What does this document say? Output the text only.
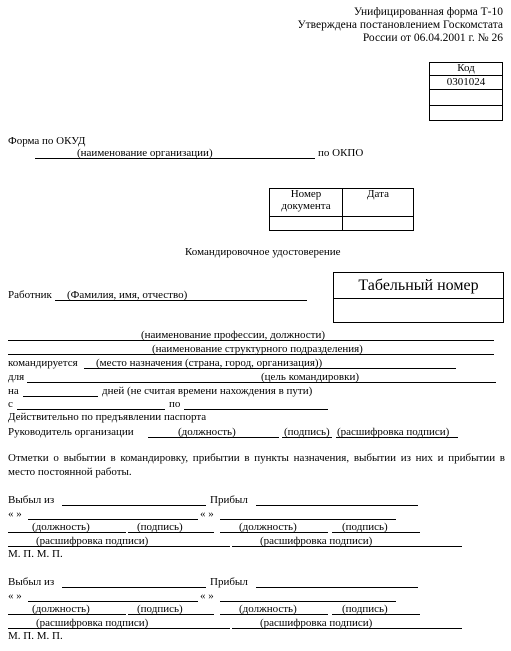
Унифицированная форма Т-10
Утверждена постановлением Госкомстата
России от 06.04.2001 г. № 26
Код
0301024

Форма по ОКУД
(наименование организации)	по ОКПО
Номер документа	Дата

Командировочное удостоверение
Табельный номер
Работник (Фамилия, имя, отчество)
(наименование профессии, должности)
(наименование структурного подразделения)
командируется (место назначения (страна, город, организация))
для	(цель командировки)
на	дней (не считая времени нахождения в пути)
с	по
Действительно по предъявлении паспорта
Руководитель организации	(должность)	(подпись) (расшифровка подписи)
Отметки о выбытии в командировку, прибытии в пункты назначения, выбытии из них и прибытии в место постоянной работы.
Выбыл из	Прибыл
« »	« »
(должность)	(подпись)	(должность)	(подпись)
(расшифровка подписи)	(расшифровка подписи)
М. П. М. П.
Выбыл из	Прибыл
« »	« »
(должность)	(подпись)	(должность)	(подпись)
(расшифровка подписи)	(расшифровка подписи)
М. П. М. П.
